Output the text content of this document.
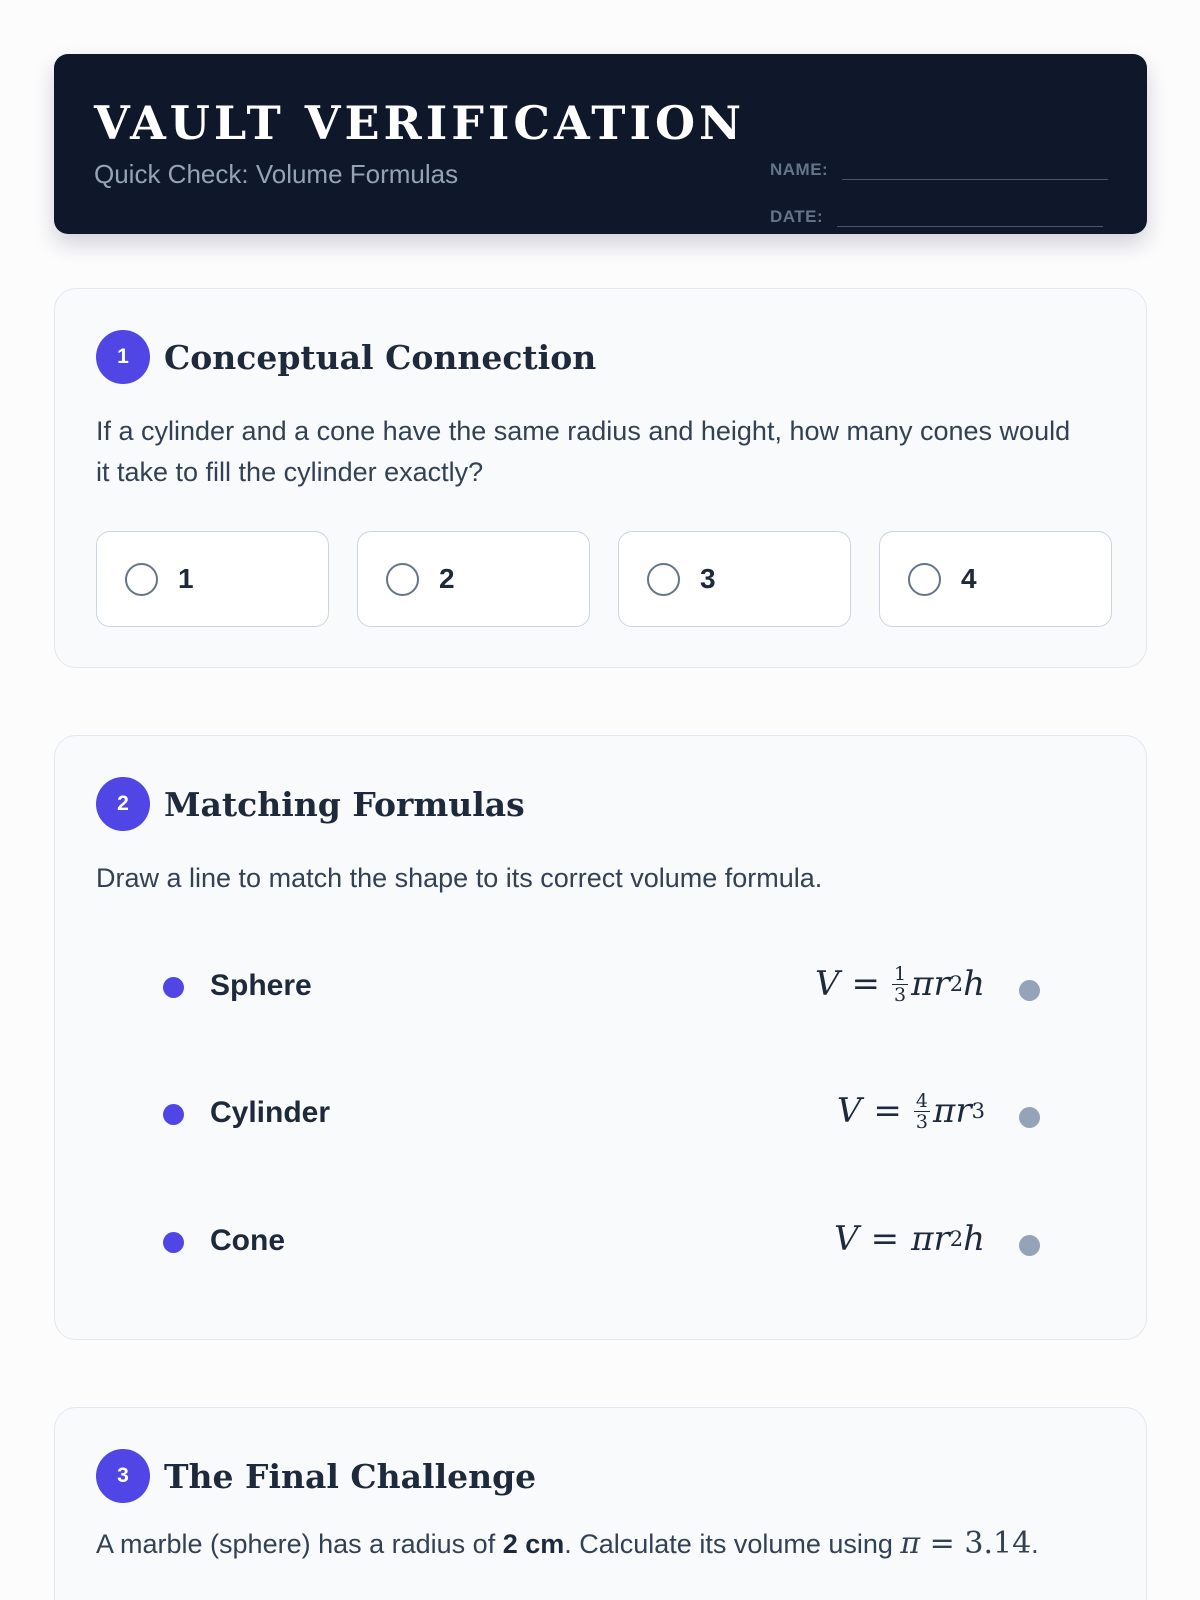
VAULT VERIFICATION
Quick Check: Volume Formulas	NAME:
DATE:
1	Conceptual Connection
If a cylinder and a cone have the same radius and height, how many cones would it take to fill the cylinder exactly?
1	2	3	4
2	Matching Formulas
Draw a line to match the shape to its correct volume formula.
Sphere	$V = \frac{1}{3}$ πr 2 h
Cylinder	$V = \frac{4}{3}$ πr 3
Cone	V = πr 2 h
3	The Final Challenge
A marble (sphere) has a radius of 2 cm. Calculate its volume using π = 3.14.
